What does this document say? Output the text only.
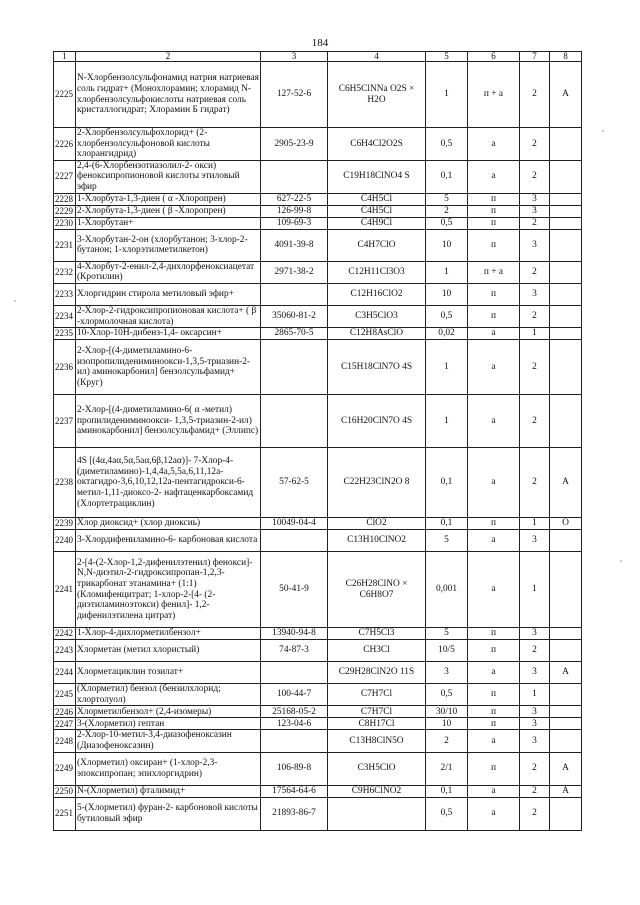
184
1	2	3	4	5	6	7	8
2225	N-Хлорбензолсульфонамид натрия натриевая соль гидрат+ (Монохлорамин; хлорамид N-хлорбензолсульфокислоты натриевая соль кристаллогидрат; Хлорамин Б гидрат)	127-52-6	C6H5ClNNa O2S × H2O	1	п + а	2	А
2226	2-Хлорбензолсульфохлорид+ (2-хлорбензолсульфоновой кислоты хлорангидрид)	2905-23-9	C6H4Cl2O2S	0,5	а	2	
2227	2,4-(6-Хлорбензотиазолил-2- окси) феноксипропионовой кислоты этиловый эфир		C19H18ClNO4 S	0,1	а	2	
2228	1-Хлорбута-1,3-диен ( α -Хлоропрен)	627-22-5	C4H5Cl	5	п	3	
2229	2-Хлорбута-1,3-диен ( β -Хлоропрен)	126-99-8	C4H5Cl	2	п	3	
2230	1-Хлорбутан+	109-69-3	C4H9Cl	0,5	п	2	
2231	3-Хлорбутан-2-он (хлорбутанон; 3-хлор-2-бутанон; 1-хлорэтилметилкетон)	4091-39-8	C4H7ClO	10	п	3	
2232	4-Хлорбут-2-енил-2,4-дихлорфеноксиацетат (Кротилин)	2971-38-2	C12H11Cl3O3	1	п + а	2	
2233	Хлоргидрин стирола метиловый эфир+		C12H16ClO2	10	п	3	
2234	2-Хлор-2-гидроксипропионовая кислота+ ( β -хлормолочная кислота)	35060-81-2	C3H5ClO3	0,5	п	2	
2235	10-Хлор-10Н-дибенз-1,4- оксарсин+	2865-70-5	C12H8AsClO	0,02	а	1	
2236	2-Хлор-[(4-диметиламино-6-изопропилидениминоокси-1,3,5-триазин-2-ил) аминокарбонил] бензолсульфамид+ (Круг)		C15H18ClN7O 4S	1	а	2	
2237	2-Хлор-[(4-диметиламино-6( α -метил) пропилидениминоокси- 1,3,5-триазин-2-ил) аминокарбонил] бензолсульфамид+ (Эллипс)		C16H20ClN7O 4S	1	а	2	
2238	4S [(4α,4aα,5α,5aα,6β,12aα)]- 7-Хлор-4- (диметиламино)-1,4,4a,5,5a,6,11,12a-октагидро-3,6,10,12,12a-пентагидрокси-6- метил-1,11-диоксо-2- нафтаценкарбоксамид (Хлортетрациклин)	57-62-5	C22H23ClN2O 8	0,1	а	2	А
2239	Хлор диоксид+ (хлор диоксиь)	10049-04-4	ClO2	0,1	п	1	О
2240	3-Хлордифениламино-6- карбоновая кислота		C13H10ClNO2	5	а	3	
2241	2-[4-(2-Хлор-1,2-дифенилэтенил) фенокси]-N,N-диэтил-2-гидроксипропан-1,2,3- трикарбонат этанамина+ (1:1) (Кломифенцитрат; 1-хлор-2-[4- (2-диэтиламиноэтокси) фенил]- 1,2-дифенилэтилена цитрат)	50-41-9	C26H28ClNO × C6H8O7	0,001	а	1	
2242	1-Хлор-4-дихлорметилбензол+	13940-94-8	C7H5Cl3	5	п	3	
2243	Хлорметан (метил хлористый)	74-87-3	CH3Cl	10/5	п	2	
2244	Хлорметациклин тозилат+		C29H28ClN2O 11S	3	а	3	А
2245	(Хлорметил) бензол (бензилхлорид; хлортолуол)	100-44-7	C7H7Cl	0,5	п	1	
2246	Хлорметилбензол+ (2,4-изомеры)	25168-05-2	C7H7Cl	30/10	п	3	
2247	3-(Хлорметил) гептан	123-04-6	C8H17Cl	10	п	3	
2248	2-Хлор-10-метил-3,4-диазофеноксазин (Диазофеноксазин)		C13H8ClN5O	2	а	3	
2249	(Хлорметил) оксиран+ (1-хлор-2,3-эпоксипропан; эпихлоргидрин)	106-89-8	C3H5ClO	2/1	п	2	А
2250	N-(Хлорметил) фталимид+	17564-64-6	C9H6ClNO2	0,1	а	2	А
2251	5-(Хлорметил) фуран-2- карбоновой кислоты бутиловый эфир	21893-86-7		0,5	а	2	
